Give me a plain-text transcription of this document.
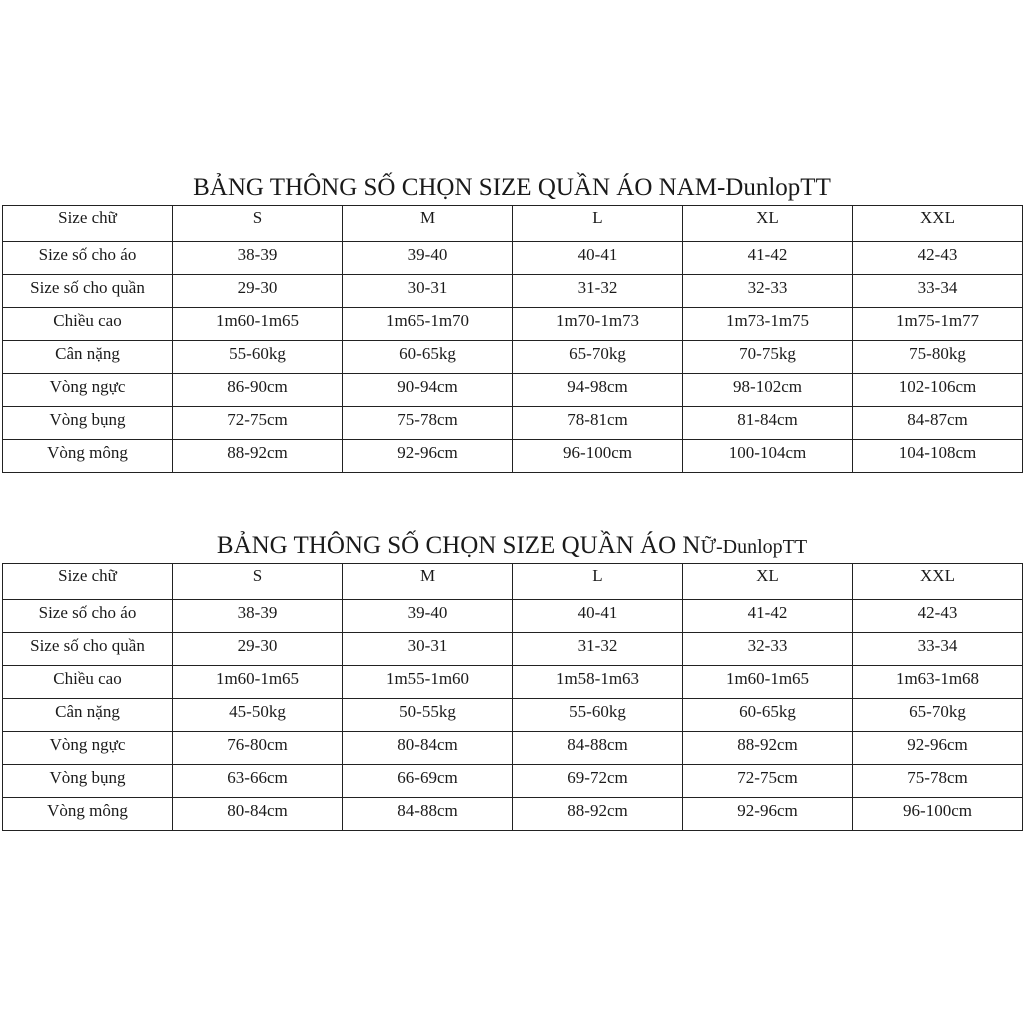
BẢNG THÔNG SỐ CHỌN SIZE QUẦN ÁO NAM-DunlopTT
Size chữ	S	M	L	XL	XXL
Size số cho áo	38-39	39-40	40-41	41-42	42-43
Size số cho quần	29-30	30-31	31-32	32-33	33-34
Chiều cao	1m60-1m65	1m65-1m70	1m70-1m73	1m73-1m75	1m75-1m77
Cân nặng	55-60kg	60-65kg	65-70kg	70-75kg	75-80kg
Vòng ngực	86-90cm	90-94cm	94-98cm	98-102cm	102-106cm
Vòng bụng	72-75cm	75-78cm	78-81cm	81-84cm	84-87cm
Vòng mông	88-92cm	92-96cm	96-100cm	100-104cm	104-108cm
BẢNG THÔNG SỐ CHỌN SIZE QUẦN ÁO NỮ-DunlopTT
Size chữ	S	M	L	XL	XXL
Size số cho áo	38-39	39-40	40-41	41-42	42-43
Size số cho quần	29-30	30-31	31-32	32-33	33-34
Chiều cao	1m60-1m65	1m55-1m60	1m58-1m63	1m60-1m65	1m63-1m68
Cân nặng	45-50kg	50-55kg	55-60kg	60-65kg	65-70kg
Vòng ngực	76-80cm	80-84cm	84-88cm	88-92cm	92-96cm
Vòng bụng	63-66cm	66-69cm	69-72cm	72-75cm	75-78cm
Vòng mông	80-84cm	84-88cm	88-92cm	92-96cm	96-100cm
